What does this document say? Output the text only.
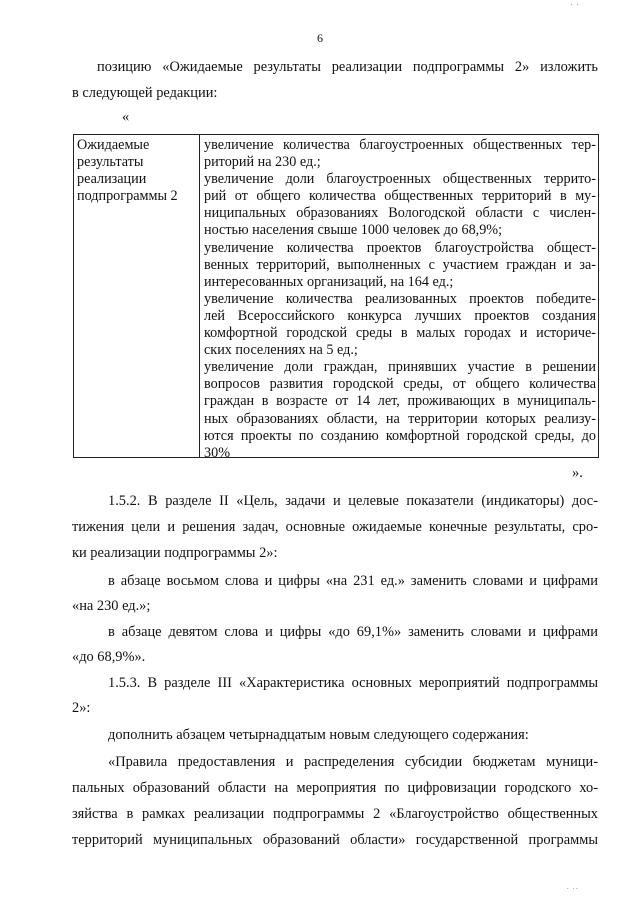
6
· ·
позицию «Ожидаемые результаты реализации подпрограммы 2» изложить
в следующей редакции:
«
Ожидаемые
результаты
реализации
подпрограммы 2
увеличение количества благоустроенных общественных тер-
риторий на 230 ед.;
увеличение доли благоустроенных общественных террито-
рий от общего количества общественных территорий в му-
ниципальных образованиях Вологодской области с числен-
ностью населения свыше 1000 человек до 68,9%;
увеличение количества проектов благоустройства общест-
венных территорий, выполненных с участием граждан и за-
интересованных организаций, на 164 ед.;
увеличение количества реализованных проектов победите-
лей Всероссийского конкурса лучших проектов создания
комфортной городской среды в малых городах и историче-
ских поселениях на 5 ед.;
увеличение доли граждан, принявших участие в решении
вопросов развития городской среды, от общего количества
граждан в возрасте от 14 лет, проживающих в муниципаль-
ных образованиях области, на территории которых реализу-
ются проекты по созданию комфортной городской среды, до
30%
».
1.5.2. В разделе II «Цель, задачи и целевые показатели (индикаторы) дос-
тижения цели и решения задач, основные ожидаемые конечные результаты, сро-
ки реализации подпрограммы 2»:
в абзаце восьмом слова и цифры «на 231 ед.» заменить словами и цифрами
«на 230 ед.»;
в абзаце девятом слова и цифры «до 69,1%» заменить словами и цифрами
«до 68,9%».
1.5.3. В разделе III «Характеристика основных мероприятий подпрограммы
2»:
дополнить абзацем четырнадцатым новым следующего содержания:
«Правила предоставления и распределения субсидии бюджетам муници-
пальных образований области на мероприятия по цифровизации городского хо-
зяйства в рамках реализации подпрограммы 2 «Благоустройство общественных
территорий муниципальных образований области» государственной программы
· ··
